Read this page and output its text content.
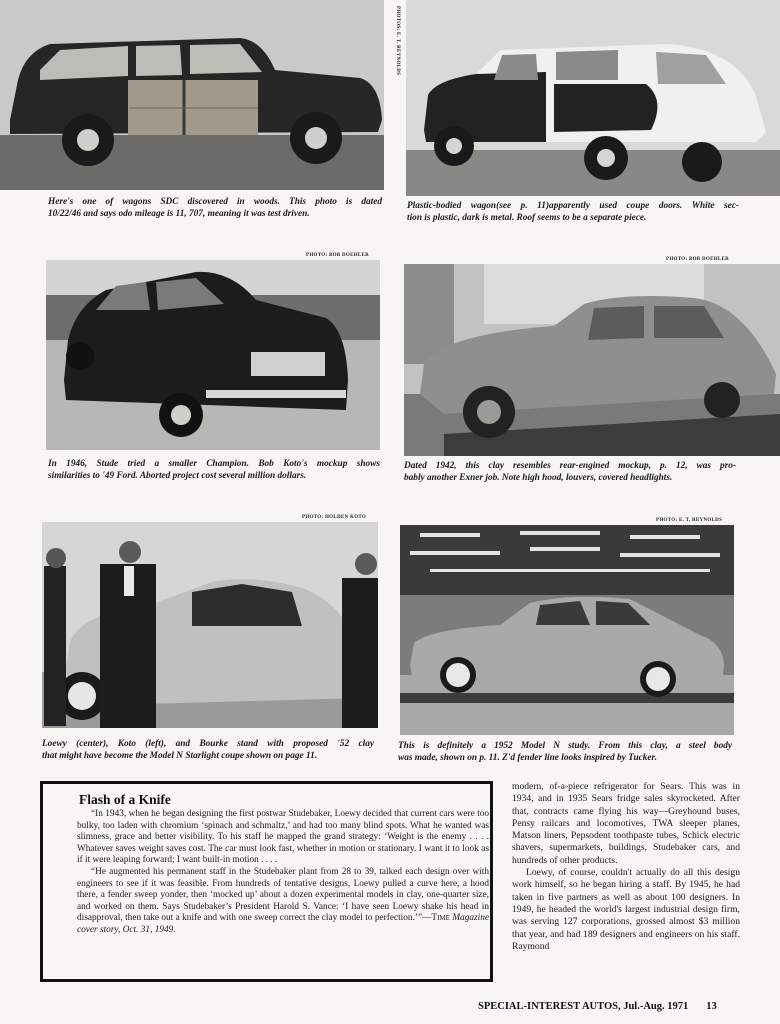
PHOTOS: E. T. REYNOLDS
Here's one of wagons SDC discovered in woods. This photo is dated
10/22/46 and says odo mileage is 11, 707, meaning it was test driven.
Plastic-bodied wagon(see p. 11)apparently used coupe doors. White sec-
tion is plastic, dark is metal. Roof seems to be a separate piece.
PHOTO: BOB DOEHLER
PHOTO: BOB DOEHLER
In 1946, Stude tried a smaller Champion. Bob Koto's mockup shows
similarities to '49 Ford. Aborted project cost several million dollars.
Dated 1942, this clay resembles rear-engined mockup, p. 12, was pro-
bably another Exner job. Note high hood, louvers, covered headlights.
PHOTO: HOLDEN KOTO
PHOTO: E. T. REYNOLDS
Loewy (center), Koto (left), and Bourke stand with proposed '52 clay
that might have become the Model N Starlight coupe shown on page 11.
This is definitely a 1952 Model N study. From this clay, a steel body
was made, shown on p. 11. Z'd fender line looks inspired by Tucker.
Flash of a Knife

“In 1943, when he began designing the first postwar Studebaker, Loewy decided that current cars were too bulky, too laden with chromium ‘spinach and schmaltz,’ and had too many blind spots. What he wanted was slimness, grace and better visibility. To his staff he mapped the grand strategy: ‘Weight is the enemy . . . . Whatever saves weight saves cost. The car must look fast, whether in motion or stationary. I want it to look as if it were leaping forward; I want built-in motion . . . .

“He augmented his permanent staff in the Studebaker plant from 28 to 39, talked each design over with engineers to see if it was feasible. From hundreds of tentative designs, Loewy pulled a curve here, a hood there, a fender sweep yonder, then ‘mocked up’ about a dozen experimental models in clay, one-quarter size, and worked on them. Says Studebaker’s President Harold S. Vance: ‘I have seen Loewy shake his head in disapproval, then take out a knife and with one sweep correct the clay model to perfection.’”—Time Magazine cover story, Oct. 31, 1949.

modern, of-a-piece refrigerator for Sears. This was in 1934, and in 1935 Sears fridge sales skyrocketed. After that, contracts came flying his way—Greyhound buses, Pensy railcars and locomotives, TWA sleeper planes, Matson liners, Pepsodent toothpaste tubes, Schick electric shavers, supermarkets, buildings, Studebaker cars, and hundreds of other products.

Loewy, of course, couldn't actually do all this design work himself, so he began hiring a staff. By 1945, he had taken in five partners as well as about 100 designers. In 1949, he headed the world's largest industrial design firm, was serving 127 corporations, grossed almost $3 million that year, and had 189 designers and engineers on his staff. Raymond

SPECIAL-INTEREST AUTOS, Jul.-Aug. 1971 13
